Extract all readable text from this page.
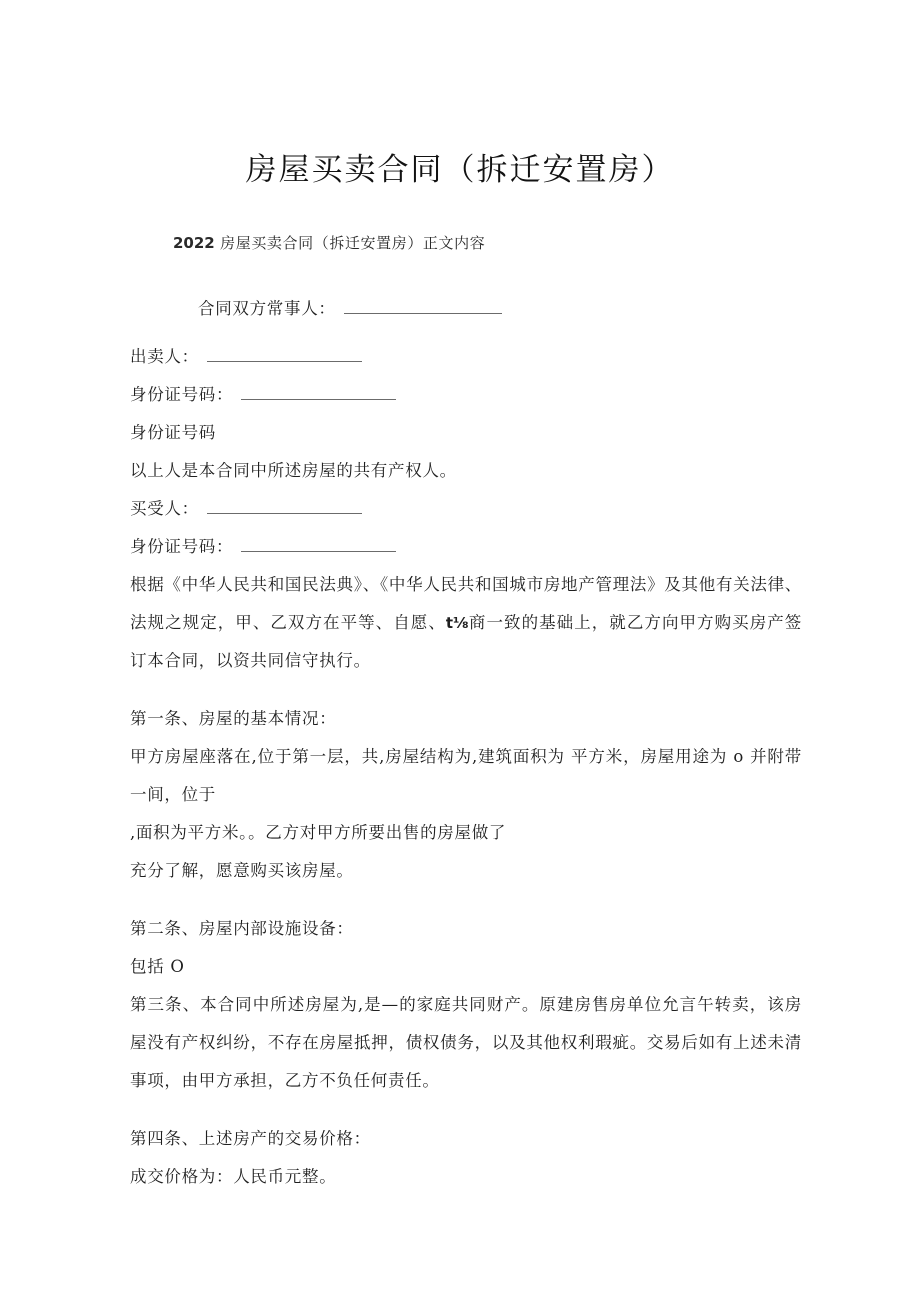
房屋买卖合同（拆迁安置房）
2022 房屋买卖合同（拆迁安置房）正文内容
合同双方常事人：
出卖人：
身份证号码：
身份证号码
以上人是本合同中所述房屋的共有产权人。
买受人：
身份证号码：
根据《中华人民共和国民法典》、《中华人民共和国城市房地产管理法》及其他有关法律、法规之规定，甲、乙双方在平等、自愿、t⅛商一致的基础上，就乙方向甲方购买房产签订本合同，以资共同信守执行。
第一条、房屋的基本情况：
甲方房屋座落在,位于第一层，共,房屋结构为,建筑面积为 平方米，房屋用途为 o 并附带一间，位于
,面积为平方米。。乙方对甲方所要出售的房屋做了
充分了解，愿意购买该房屋。
第二条、房屋内部设施设备：
包括 O
第三条、本合同中所述房屋为,是—的家庭共同财产。原建房售房单位允言午转卖，该房屋没有产权纠纷，不存在房屋抵押，债权债务，以及其他权利瑕疵。交易后如有上述未清事项，由甲方承担，乙方不负任何责任。
第四条、上述房产的交易价格：
成交价格为：人民币元整。
